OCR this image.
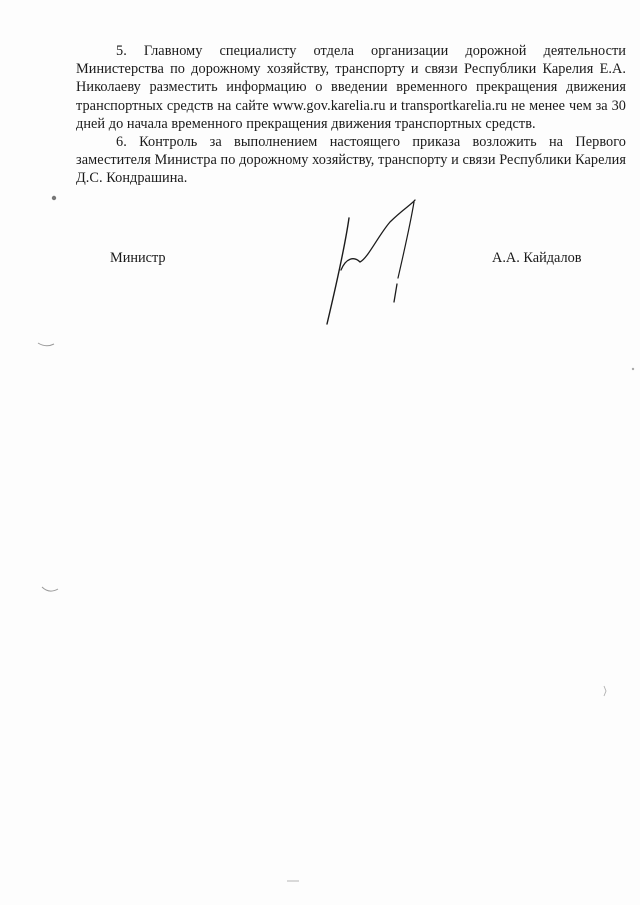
5. Главному специалисту отдела организации дорожной деятельности Министерства по дорожному хозяйству, транспорту и связи Республики Карелия Е.А. Николаеву разместить информацию о введении временного прекращения движения транспортных средств на сайте www.gov.karelia.ru и transportkarelia.ru не менее чем за 30 дней до начала временного прекращения движения транспортных средств.

6. Контроль за выполнением настоящего приказа возложить на Первого заместителя Министра по дорожному хозяйству, транспорту и связи Республики Карелия Д.С. Кондрашина.

Министр	А.А. Кайдалов
